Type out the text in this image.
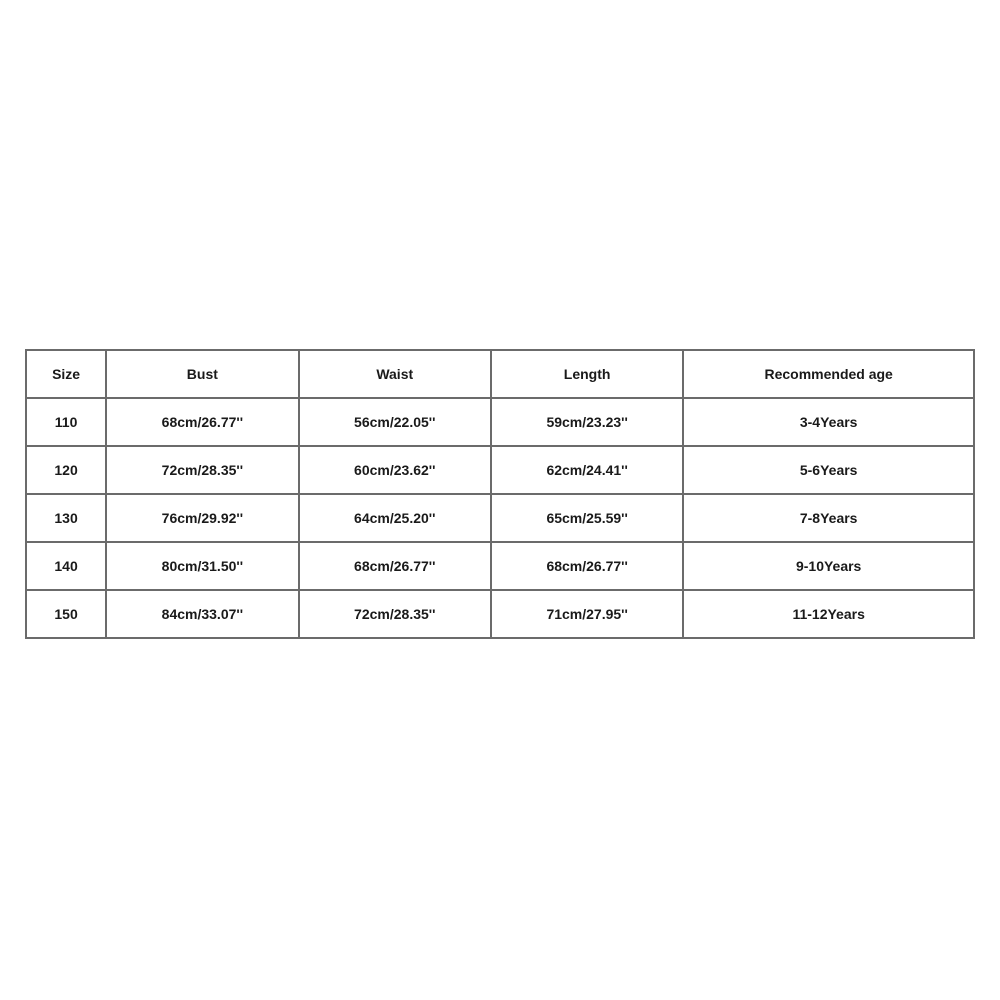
Size	Bust	Waist	Length	Recommended age
110	68cm/26.77''	56cm/22.05''	59cm/23.23''	3-4Years
120	72cm/28.35''	60cm/23.62''	62cm/24.41''	5-6Years
130	76cm/29.92''	64cm/25.20''	65cm/25.59''	7-8Years
140	80cm/31.50''	68cm/26.77''	68cm/26.77''	9-10Years
150	84cm/33.07''	72cm/28.35''	71cm/27.95''	11-12Years
